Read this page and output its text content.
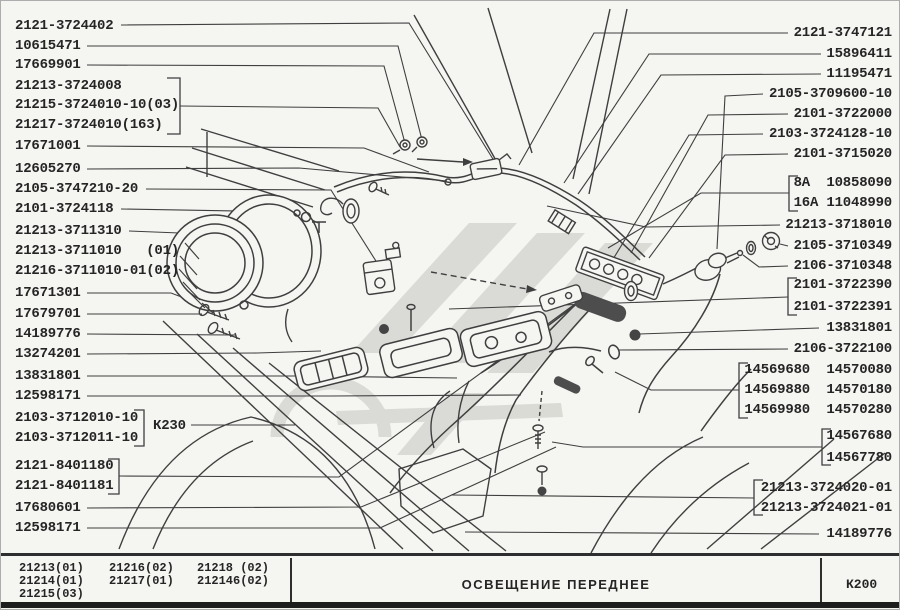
2121-3724402
10615471
17669901
21213-3724008
21215-3724010-10(03)
21217-3724010(163)
17671001
12605270
2105-3747210-20
2101-3724118
21213-3711310
21213-3711010   (01)
21216-3711010-01(02)
17671301
17679701
14189776
13274201
13831801
12598171
2103-3712010-10
2103-3712011-10
2121-8401180
2121-8401181
17680601
12598171
К230
2121-3747121
15896411
11195471
2105-3709600-10
2101-3722000
2103-3724128-10
2101-3715020
8А  10858090
16А 11048990
21213-3718010
2105-3710349
2106-3710348
2101-3722390
2101-3722391
13831801
2106-3722100
14569680  14570080
14569880  14570180
14569980  14570280
14567680
14567780
21213-3724020-01
21213-3724021-01
14189776
21213(01) 21216(02) 21218 (02)
21214(01) 21217(01) 212146(02)
21215(03)
ОСВЕЩЕНИЕ ПЕРЕДНЕЕ	К200
